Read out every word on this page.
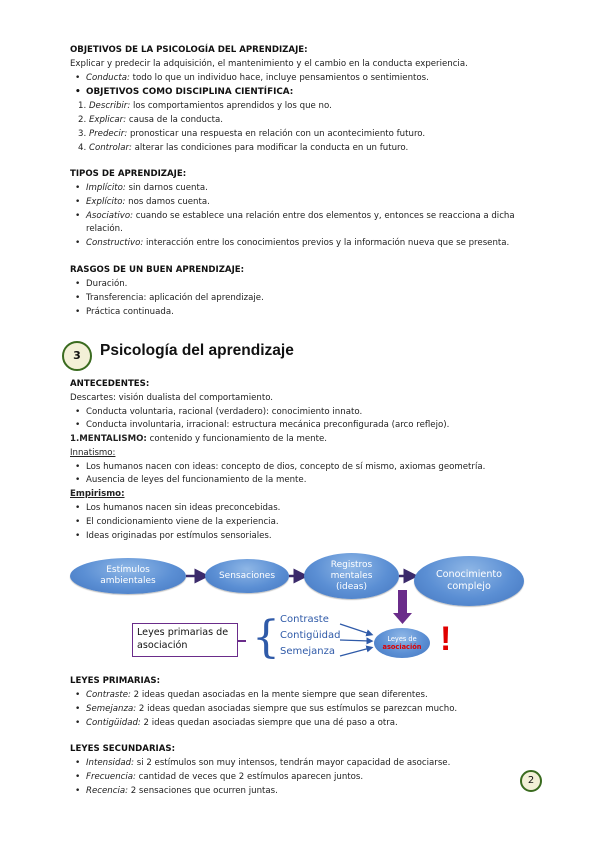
OBJETIVOS DE LA PSICOLOGÍA DEL APRENDIZAJE:
Explicar y predecir la adquisición, el mantenimiento y el cambio en la conducta experiencia.
• Conducta: todo lo que un individuo hace, incluye pensamientos o sentimientos.
• OBJETIVOS COMO DISCIPLINA CIENTÍFICA:
1. Describir: los comportamientos aprendidos y los que no.
2. Explicar: causa de la conducta.
3. Predecir: pronosticar una respuesta en relación con un acontecimiento futuro.
4. Controlar: alterar las condiciones para modificar la conducta en un futuro.
TIPOS DE APRENDIZAJE:
• Implícito: sin darnos cuenta.
• Explícito: nos damos cuenta.
• Asociativo: cuando se establece una relación entre dos elementos y, entonces se reacciona a dicha
relación.
• Constructivo: interacción entre los conocimientos previos y la información nueva que se presenta.
RASGOS DE UN BUEN APRENDIZAJE:
• Duración.
• Transferencia: aplicación del aprendizaje.
• Práctica continuada.
3	Psicología del aprendizaje
ANTECEDENTES:
Descartes: visión dualista del comportamiento.
• Conducta voluntaria, racional (verdadero): conocimiento innato.
• Conducta involuntaria, irracional: estructura mecánica preconfigurada (arco reflejo).
1.MENTALISMO: contenido y funcionamiento de la mente.
Innatismo:
• Los humanos nacen con ideas: concepto de dios, concepto de sí mismo, axiomas geometría.
• Ausencia de leyes del funcionamiento de la mente.
Empirismo:
• Los humanos nacen sin ideas preconcebidas.
• El condicionamiento viene de la experiencia.
• Ideas originadas por estímulos sensoriales.
Estímulos
ambientales
Sensaciones
Registros
mentales
(ideas)
Conocimiento
complejo
Leyes primarias de
asociación	{ Contraste
Contigüidad
Semejanza
Leyes de
asociación !
LEYES PRIMARIAS:
• Contraste: 2 ideas quedan asociadas en la mente siempre que sean diferentes.
• Semejanza: 2 ideas quedan asociadas siempre que sus estímulos se parezcan mucho.
• Contigüidad: 2 ideas quedan asociadas siempre que una dé paso a otra.
LEYES SECUNDARIAS:
• Intensidad: si 2 estímulos son muy intensos, tendrán mayor capacidad de asociarse.
• Frecuencia: cantidad de veces que 2 estímulos aparecen juntos.
• Recencia: 2 sensaciones que ocurren juntas.
2
